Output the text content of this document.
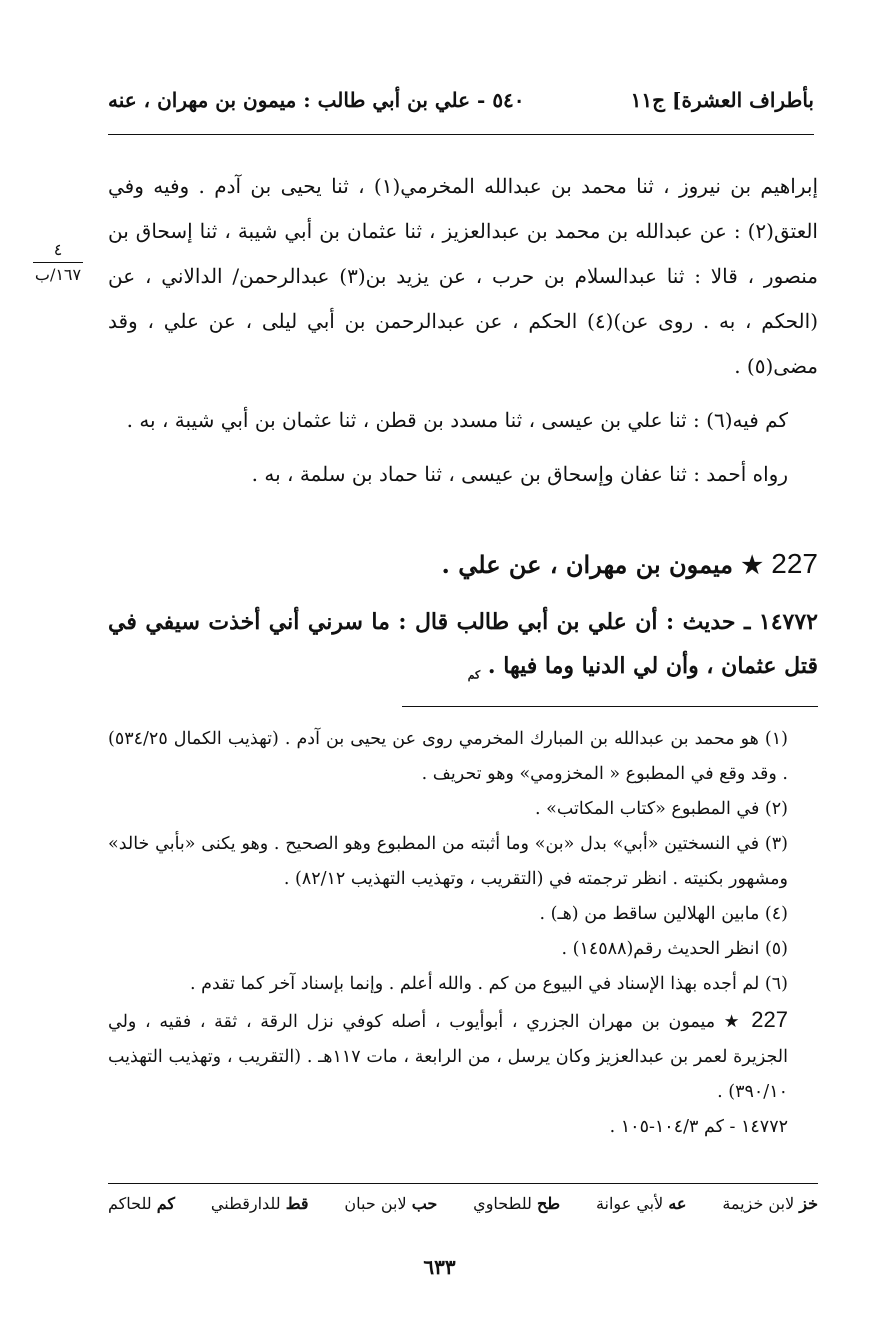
بأطراف العشرة] ج١١
٥٤٠ - علي بن أبي طالب : ميمون بن مهران ، عنه
٤
١٦٧/ب

إبراهيم بن نيروز ، ثنا محمد بن عبدالله المخرمي(١) ، ثنا يحيى بن آدم . وفيه وفي العتق(٢) : عن عبدالله بن محمد بن عبدالعزيز ، ثنا عثمان بن أبي شيبة ، ثنا إسحاق بن منصور ، قالا : ثنا عبدالسلام بن حرب ، عن يزيد بن(٣) عبدالرحمن/ الدالاني ، عن (الحكم ، به . روى عن)(٤) الحكم ، عن عبدالرحمن بن أبي ليلى ، عن علي ، وقد مضى(٥) .

كم فيه(٦) : ثنا علي بن عيسى ، ثنا مسدد بن قطن ، ثنا عثمان بن أبي شيبة ، به .

رواه أحمد : ثنا عفان وإسحاق بن عيسى ، ثنا حماد بن سلمة ، به .

227 ★ ميمون بن مهران ، عن علي .
١٤٧٧٢ ـ حديث : أن علي بن أبي طالب قال : ما سرني أني أخذت سيفي في قتل عثمان ، وأن لي الدنيا وما فيها . $_{كم}$

(١) هو محمد بن عبدالله بن المبارك المخرمي روى عن يحيى بن آدم . (تهذيب الكمال ٥٣٤/٢٥) . وقد وقع في المطبوع « المخزومي» وهو تحريف .

(٢) في المطبوع «كتاب المكاتب» .

(٣) في النسختين «أبي» بدل «بن» وما أثبته من المطبوع وهو الصحيح . وهو يكنى «بأبي خالد» ومشهور بكنيته . انظر ترجمته في (التقريب ، وتهذيب التهذيب ٨٢/١٢) .

(٤) مابين الهلالين ساقط من (هـ) .

(٥) انظر الحديث رقم(١٤٥٨٨) .

(٦) لم أجده بهذا الإسناد في البيوع من كم . والله أعلم . وإنما بإسناد آخر كما تقدم .

227 ★ ميمون بن مهران الجزري ، أبوأيوب ، أصله كوفي نزل الرقة ، ثقة ، فقيه ، ولي الجزيرة لعمر بن عبدالعزيز وكان يرسل ، من الرابعة ، مات ١١٧هـ . (التقريب ، وتهذيب التهذيب ٣٩٠/١٠) .

١٤٧٧٢ - كم ١٠٤/٣-١٠٥ .

خز لابن خزيمة
عه لأبي عوانة
طح للطحاوي
حب لابن حبان
قط للدارقطني
كم للحاكم
٦٣٣
